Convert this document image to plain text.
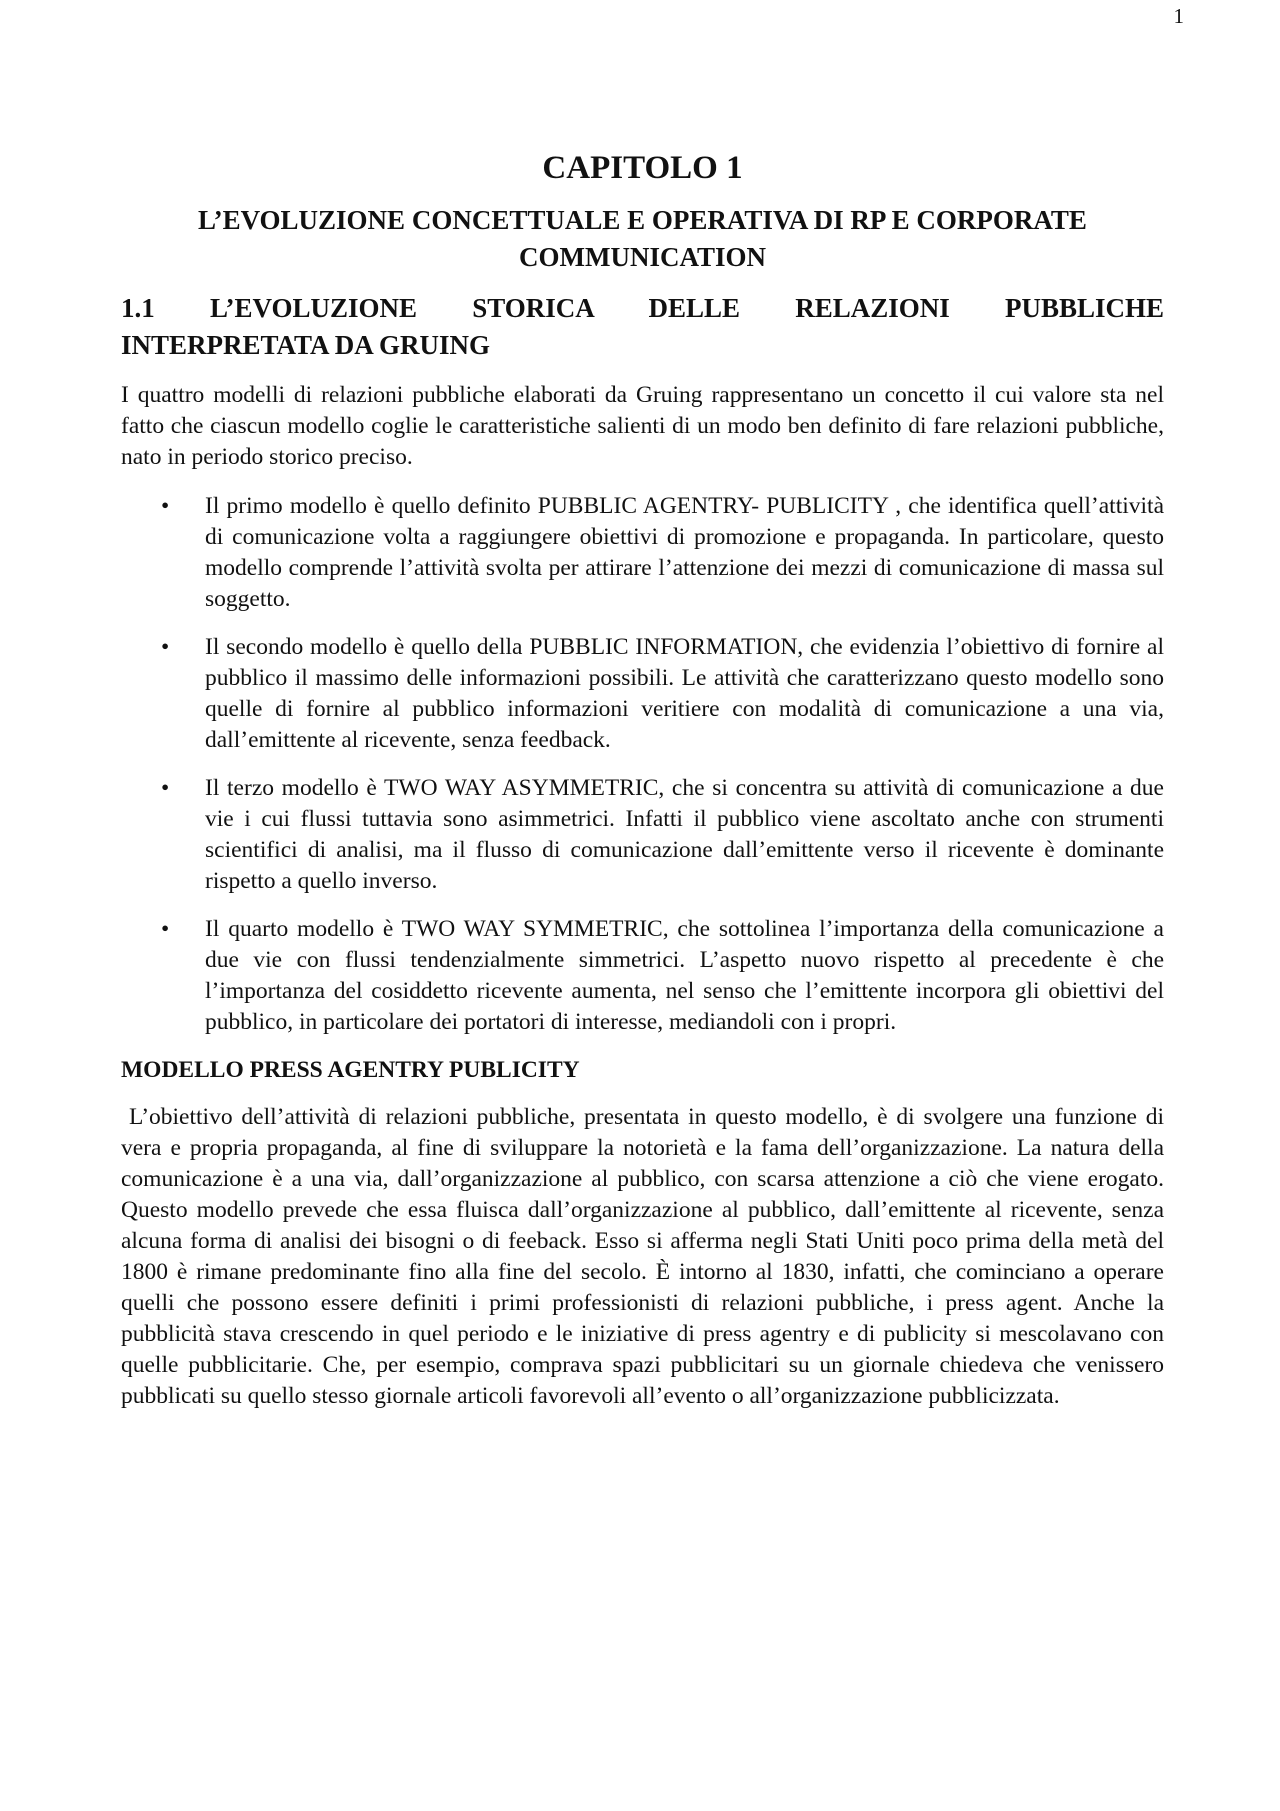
1

CAPITOLO 1
L’EVOLUZIONE CONCETTUALE E OPERATIVA DI RP E CORPORATE
COMMUNICATION
1.1 L’EVOLUZIONE STORICA DELLE RELAZIONI PUBBLICHE
INTERPRETATA DA GRUING

I quattro modelli di relazioni pubbliche elaborati da Gruing rappresentano un concetto il cui valore sta nel fatto che ciascun modello coglie le caratteristiche salienti di un modo ben definito di fare relazioni pubbliche, nato in periodo storico preciso.

• Il primo modello è quello definito PUBBLIC AGENTRY- PUBLICITY , che identifica quell’attività di comunicazione volta a raggiungere obiettivi di promozione e propaganda. In particolare, questo modello comprende l’attività svolta per attirare l’attenzione dei mezzi di comunicazione di massa sul soggetto.
• Il secondo modello è quello della PUBBLIC INFORMATION, che evidenzia l’obiettivo di fornire al pubblico il massimo delle informazioni possibili. Le attività che caratterizzano questo modello sono quelle di fornire al pubblico informazioni veritiere con modalità di comunicazione a una via, dall’emittente al ricevente, senza feedback.
• Il terzo modello è TWO WAY ASYMMETRIC, che si concentra su attività di comunicazione a due vie i cui flussi tuttavia sono asimmetrici. Infatti il pubblico viene ascoltato anche con strumenti scientifici di analisi, ma il flusso di comunicazione dall’emittente verso il ricevente è dominante rispetto a quello inverso.
• Il quarto modello è TWO WAY SYMMETRIC, che sottolinea l’importanza della comunicazione a due vie con flussi tendenzialmente simmetrici. L’aspetto nuovo rispetto al precedente è che l’importanza del cosiddetto ricevente aumenta, nel senso che l’emittente incorpora gli obiettivi del pubblico, in particolare dei portatori di interesse, mediandoli con i propri.
MODELLO PRESS AGENTRY PUBLICITY

L’obiettivo dell’attività di relazioni pubbliche, presentata in questo modello, è di svolgere una funzione di vera e propria propaganda, al fine di sviluppare la notorietà e la fama dell’organizzazione. La natura della comunicazione è a una via, dall’organizzazione al pubblico, con scarsa attenzione a ciò che viene erogato. Questo modello prevede che essa fluisca dall’organizzazione al pubblico, dall’emittente al ricevente, senza alcuna forma di analisi dei bisogni o di feeback. Esso si afferma negli Stati Uniti poco prima della metà del 1800 è rimane predominante fino alla fine del secolo. È intorno al 1830, infatti, che cominciano a operare quelli che possono essere definiti i primi professionisti di relazioni pubbliche, i press agent. Anche la pubblicità stava crescendo in quel periodo e le iniziative di press agentry e di publicity si mescolavano con quelle pubblicitarie. Che, per esempio, comprava spazi pubblicitari su un giornale chiedeva che venissero pubblicati su quello stesso giornale articoli favorevoli all’evento o all’organizzazione pubblicizzata.
